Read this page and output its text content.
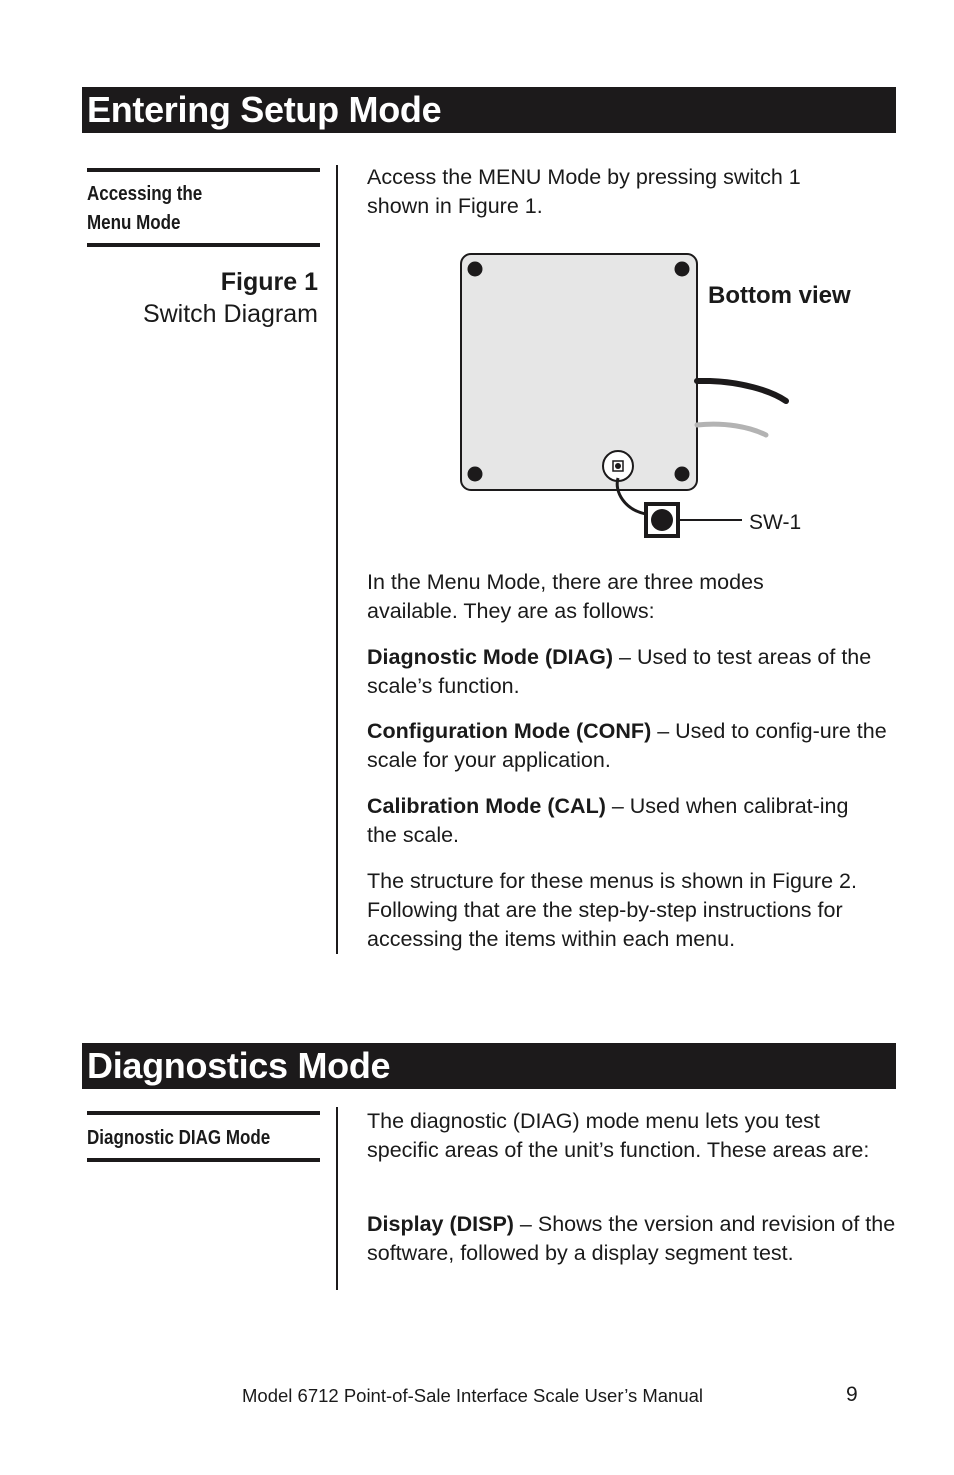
Entering Setup Mode
Accessing the
Menu Mode
Figure 1
Switch Diagram

Access the MENU Mode by pressing switch 1 shown in Figure 1.

Bottom view
SW-1

In the Menu Mode, there are three modes available. They are as follows:

Diagnostic Mode (DIAG) – Used to test areas of the scale’s function.

Configuration Mode (CONF) – Used to config-ure the scale for your application.

Calibration Mode (CAL) – Used when calibrat-ing the scale.

The structure for these menus is shown in Figure 2. Following that are the step-by-step instructions for accessing the items within each menu.

Diagnostics Mode
Diagnostic DIAG Mode

The diagnostic (DIAG) mode menu lets you test specific areas of the unit’s function. These areas are:

Display (DISP) – Shows the version and revision of the software, followed by a display segment test.

Model 6712 Point-of-Sale Interface Scale User’s Manual	9
